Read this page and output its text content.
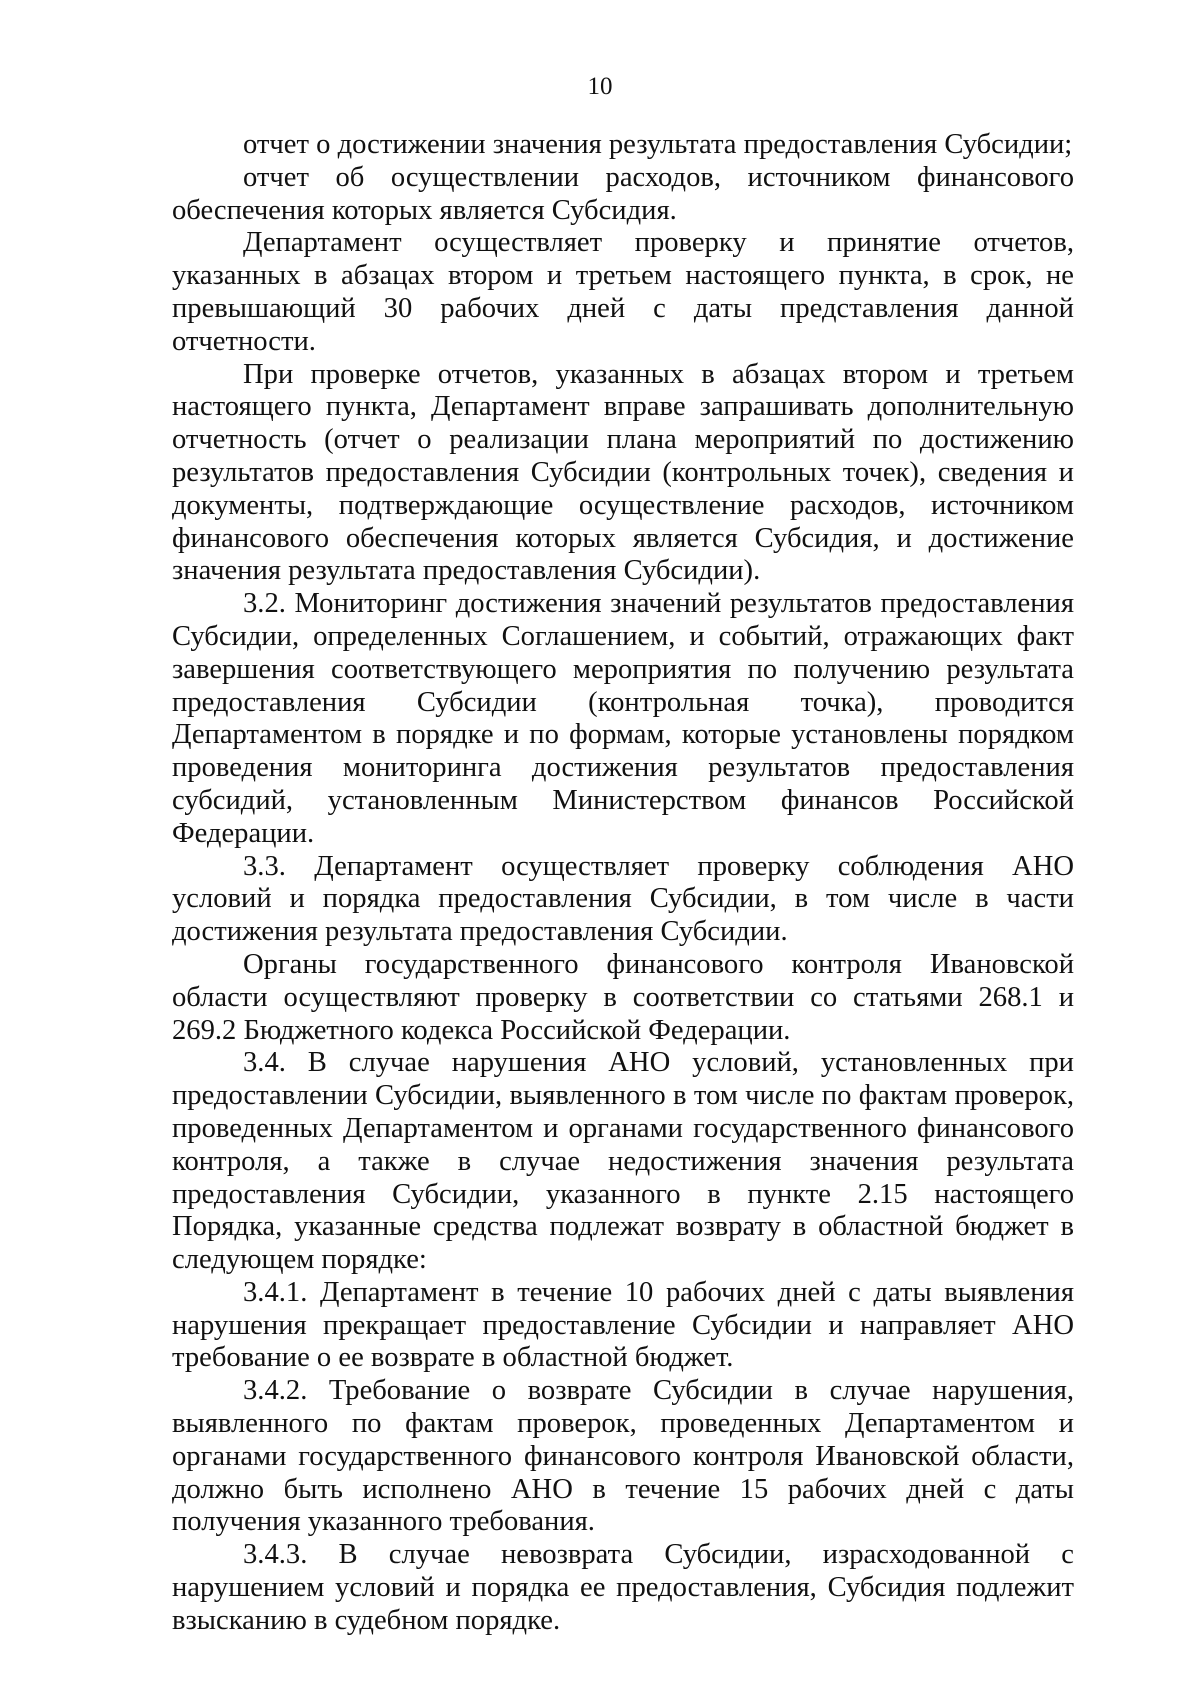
10

отчет о достижении значения результата предоставления Субсидии;

отчет об осуществлении расходов, источником финансового обеспечения которых является Субсидия.

Департамент осуществляет проверку и принятие отчетов, указанных в абзацах втором и третьем настоящего пункта, в срок, не превышающий 30 рабочих дней с даты представления данной отчетности.

При проверке отчетов, указанных в абзацах втором и третьем настоящего пункта, Департамент вправе запрашивать дополнительную отчетность (отчет о реализации плана мероприятий по достижению результатов предоставления Субсидии (контрольных точек), сведения и документы, подтверждающие осуществление расходов, источником финансового обеспечения которых является Субсидия, и достижение значения результата предоставления Субсидии).

3.2. Мониторинг достижения значений результатов предоставления Субсидии, определенных Соглашением, и событий, отражающих факт завершения соответствующего мероприятия по получению результата предоставления Субсидии (контрольная точка), проводится Департаментом в порядке и по формам, которые установлены порядком проведения мониторинга достижения результатов предоставления субсидий, установленным Министерством финансов Российской Федерации.

3.3. Департамент осуществляет проверку соблюдения АНО условий и порядка предоставления Субсидии, в том числе в части достижения результата предоставления Субсидии.

Органы государственного финансового контроля Ивановской области осуществляют проверку в соответствии со статьями 268.1 и 269.2 Бюджетного кодекса Российской Федерации.

3.4. В случае нарушения АНО условий, установленных при предоставлении Субсидии, выявленного в том числе по фактам проверок, проведенных Департаментом и органами государственного финансового контроля, а также в случае недостижения значения результата предоставления Субсидии, указанного в пункте 2.15 настоящего Порядка, указанные средства подлежат возврату в областной бюджет в следующем порядке:

3.4.1. Департамент в течение 10 рабочих дней с даты выявления нарушения прекращает предоставление Субсидии и направляет АНО требование о ее возврате в областной бюджет.

3.4.2. Требование о возврате Субсидии в случае нарушения, выявленного по фактам проверок, проведенных Департаментом и органами государственного финансового контроля Ивановской области, должно быть исполнено АНО в течение 15 рабочих дней с даты получения указанного требования.

3.4.3. В случае невозврата Субсидии, израсходованной с нарушением условий и порядка ее предоставления, Субсидия подлежит взысканию в судебном порядке.
